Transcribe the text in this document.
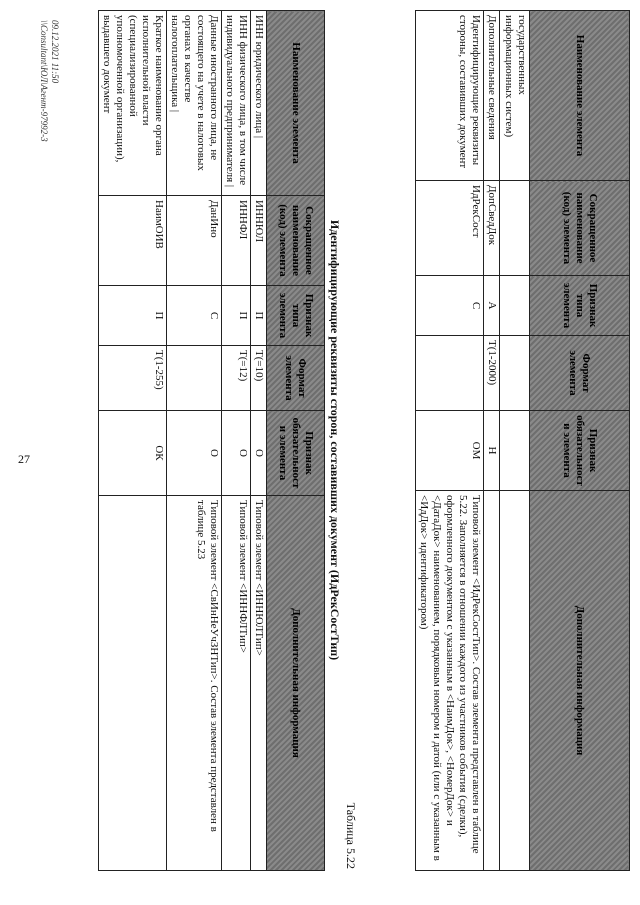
27
Наименование элемента	Сокращенное наименование (код) элемента	Признак типа элемента	Формат элемента	Признак обязательности элемента	Дополнительная информация
государственных информационных систем)					
Дополнительные сведения	ДопСведДок	А	Т(1-2000)	Н	
Идентифицирующие реквизиты стороны, составивших документ	ИдРекСост	С		ОМ	Типовой элемент <ИдРекСостТип>. Состав элемента представлен в таблице 5.22. Заполняется в отношении каждого из участников события (сделки), оформленного документом с указанным в <НаимДок>, <НомерДок> и <ДатаДок> наименованием, порядковым номером и датой (или с указанным в <ИдДок> идентификатором)
Таблица 5.22
Идентифицирующие реквизиты сторон, составивших документ (ИдРекСостТип)
Наименование элемента	Сокращенное наименование (код) элемента	Признак типа элемента	Формат элемента	Признак обязательности элемента	Дополнительная информация
ИНН юридического лица |	ИННЮЛ	П	Т(=10)	О	Типовой элемент <ИННЮЛТип>
ИНН физического лица, в том числе индивидуального предпринимателя |	ИННФЛ	П	Т(=12)	О	Типовой элемент <ИННФЛТип>
Данные иностранного лица, не состоящего на учете в налоговых органах в качестве налогоплательщика |	ДанИно	С		О	Типовой элемент <СвИнНеУчЗНТип>. Состав элемента представлен в таблице 5.23
Краткое наименование органа исполнительной власти (специализированной уполномоченной организации), выдавшего документ	НаимОИВ	П	Т(1-255)	ОК	
09.12.2021 11:50
\\Consultant\ЮЛ\Агент-97992-3
